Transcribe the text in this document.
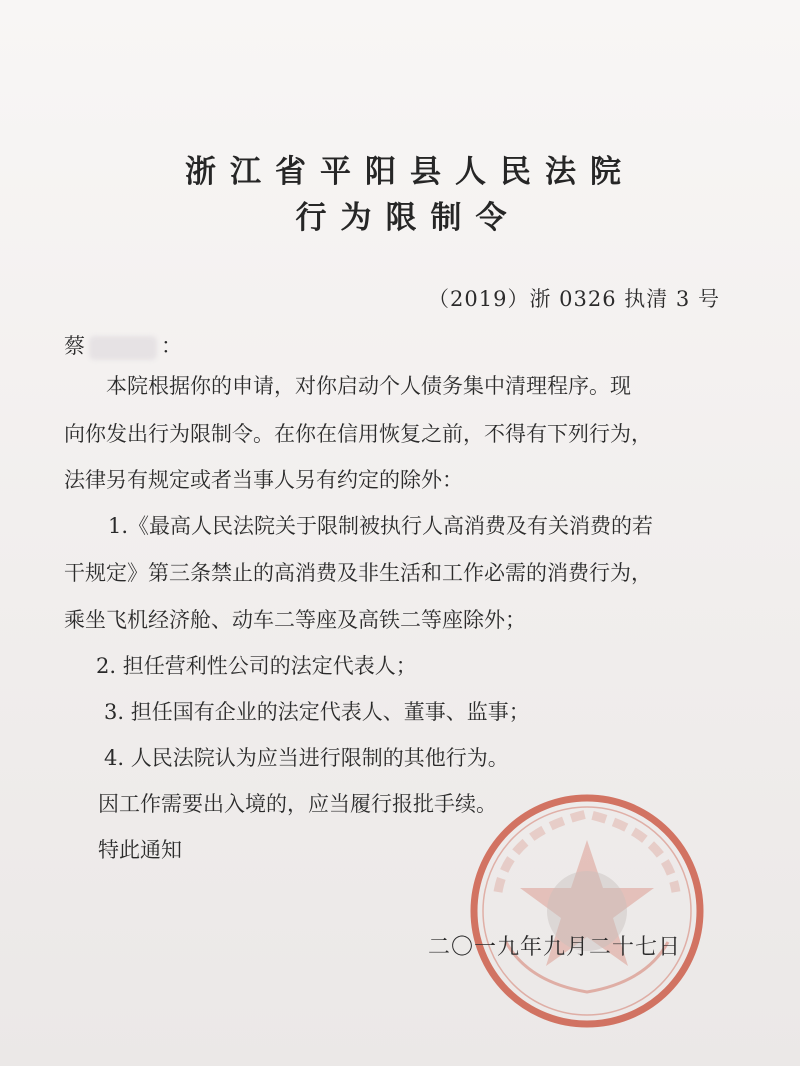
浙江省平阳县人民法院
行为限制令
（2019）浙 0326 执清 3 号
蔡	：
本院根据你的申请，对你启动个人债务集中清理程序。现
向你发出行为限制令。在你在信用恢复之前，不得有下列行为，
法律另有规定或者当事人另有约定的除外：
1.《最高人民法院关于限制被执行人高消费及有关消费的若
干规定》第三条禁止的高消费及非生活和工作必需的消费行为，
乘坐飞机经济舱、动车二等座及高铁二等座除外；
2. 担任营利性公司的法定代表人；
3. 担任国有企业的法定代表人、董事、监事；
4. 人民法院认为应当进行限制的其他行为。
因工作需要出入境的，应当履行报批手续。
特此通知
二〇一九年九月二十七日
